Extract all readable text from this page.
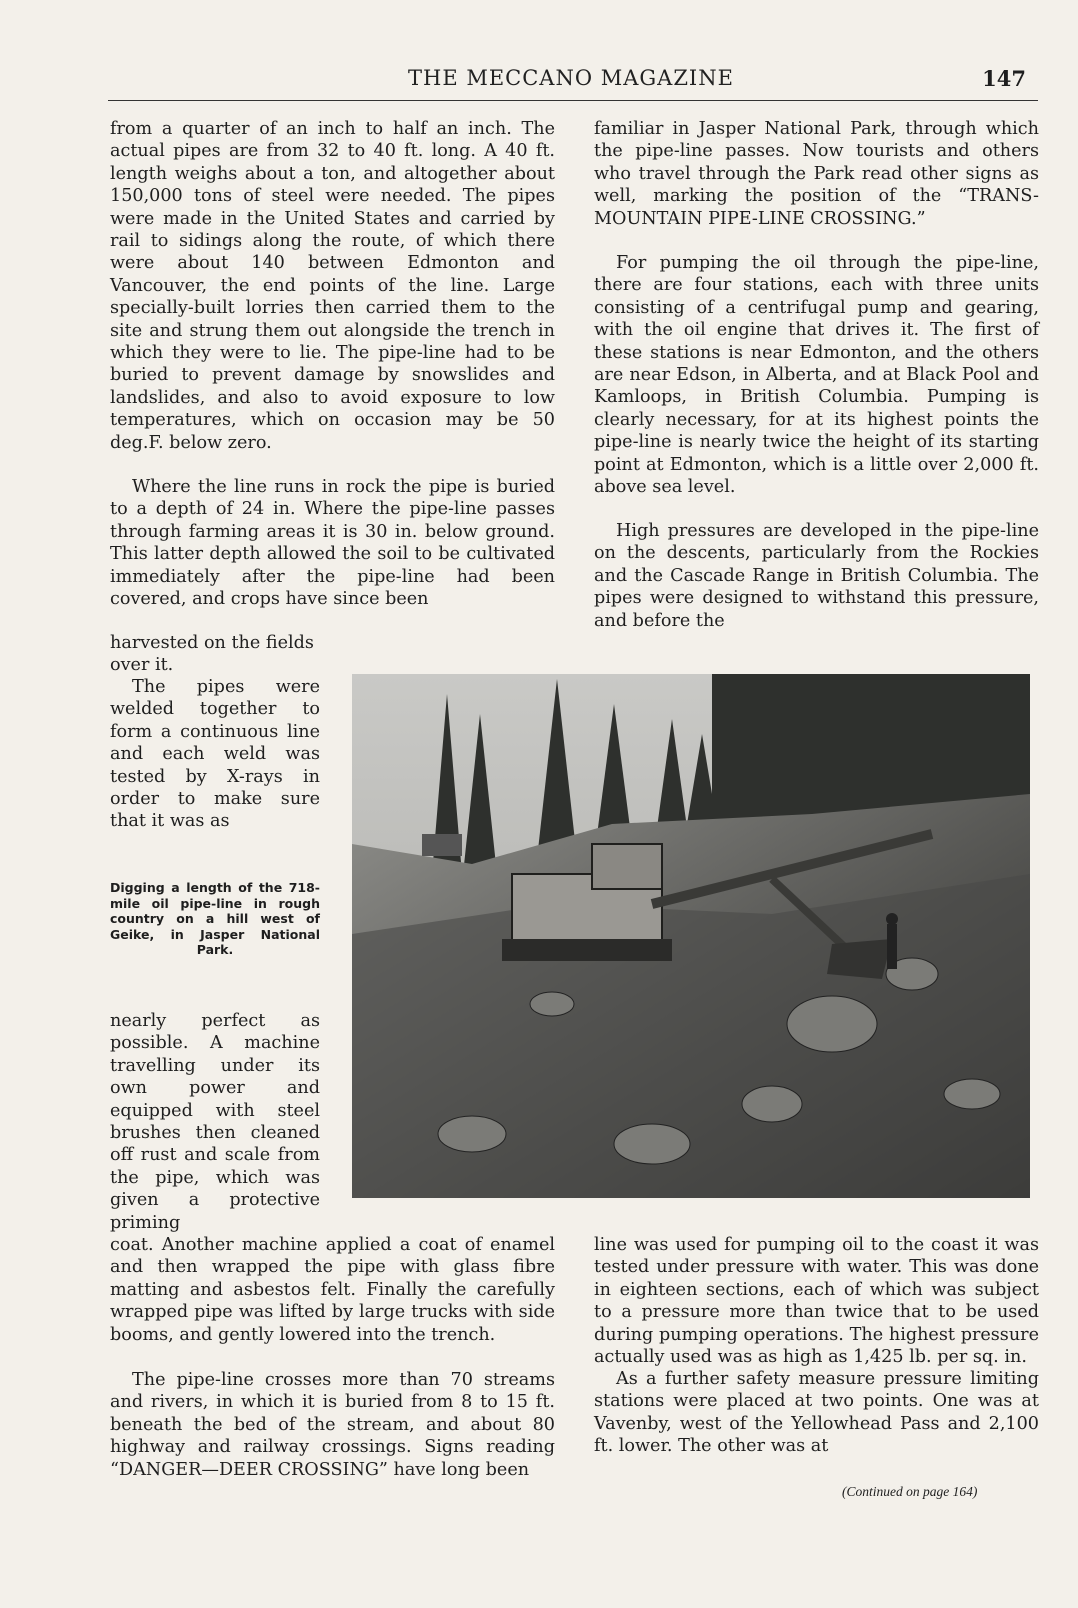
THE MECCANO MAGAZINE	147

from a quarter of an inch to half an inch. The actual pipes are from 32 to 40 ft. long. A 40 ft. length weighs about a ton, and altogether about 150,000 tons of steel were needed. The pipes were made in the United States and carried by rail to sidings along the route, of which there were about 140 between Edmonton and Vancouver, the end points of the line. Large specially-built lorries then carried them to the site and strung them out alongside the trench in which they were to lie. The pipe-line had to be buried to prevent damage by snowslides and landslides, and also to avoid exposure to low temperatures, which on occasion may be 50 deg.F. below zero.

Where the line runs in rock the pipe is buried to a depth of 24 in. Where the pipe-line passes through farming areas it is 30 in. below ground. This latter depth allowed the soil to be cultivated immediately after the pipe-line had been covered, and crops have since been

harvested on the fields over it.

The pipes were welded together to form a continuous line and each weld was tested by X-rays in order to make sure that it was as

Digging a length of the 718-mile oil pipe-line in rough country on a hill west of Geike, in Jasper National Park.

nearly perfect as possible. A machine travelling under its own power and equipped with steel brushes then cleaned off rust and scale from the pipe, which was given a protective priming

coat. Another machine applied a coat of enamel and then wrapped the pipe with glass fibre matting and asbestos felt. Finally the carefully wrapped pipe was lifted by large trucks with side booms, and gently lowered into the trench.

The pipe-line crosses more than 70 streams and rivers, in which it is buried from 8 to 15 ft. beneath the bed of the stream, and about 80 highway and railway crossings. Signs reading “DANGER—DEER CROSSING” have long been

familiar in Jasper National Park, through which the pipe-line passes. Now tourists and others who travel through the Park read other signs as well, marking the position of the “TRANS-MOUNTAIN PIPE-LINE CROSSING.”

For pumping the oil through the pipe-line, there are four stations, each with three units consisting of a centrifugal pump and gearing, with the oil engine that drives it. The first of these stations is near Edmonton, and the others are near Edson, in Alberta, and at Black Pool and Kamloops, in British Columbia. Pumping is clearly necessary, for at its highest points the pipe-line is nearly twice the height of its starting point at Edmonton, which is a little over 2,000 ft. above sea level.

High pressures are developed in the pipe-line on the descents, particularly from the Rockies and the Cascade Range in British Columbia. The pipes were designed to withstand this pressure, and before the

line was used for pumping oil to the coast it was tested under pressure with water. This was done in eighteen sections, each of which was subject to a pressure more than twice that to be used during pumping operations. The highest pressure actually used was as high as 1,425 lb. per sq. in.

As a further safety measure pressure limiting stations were placed at two points. One was at Vavenby, west of the Yellowhead Pass and 2,100 ft. lower. The other was at

(Continued on page 164)
